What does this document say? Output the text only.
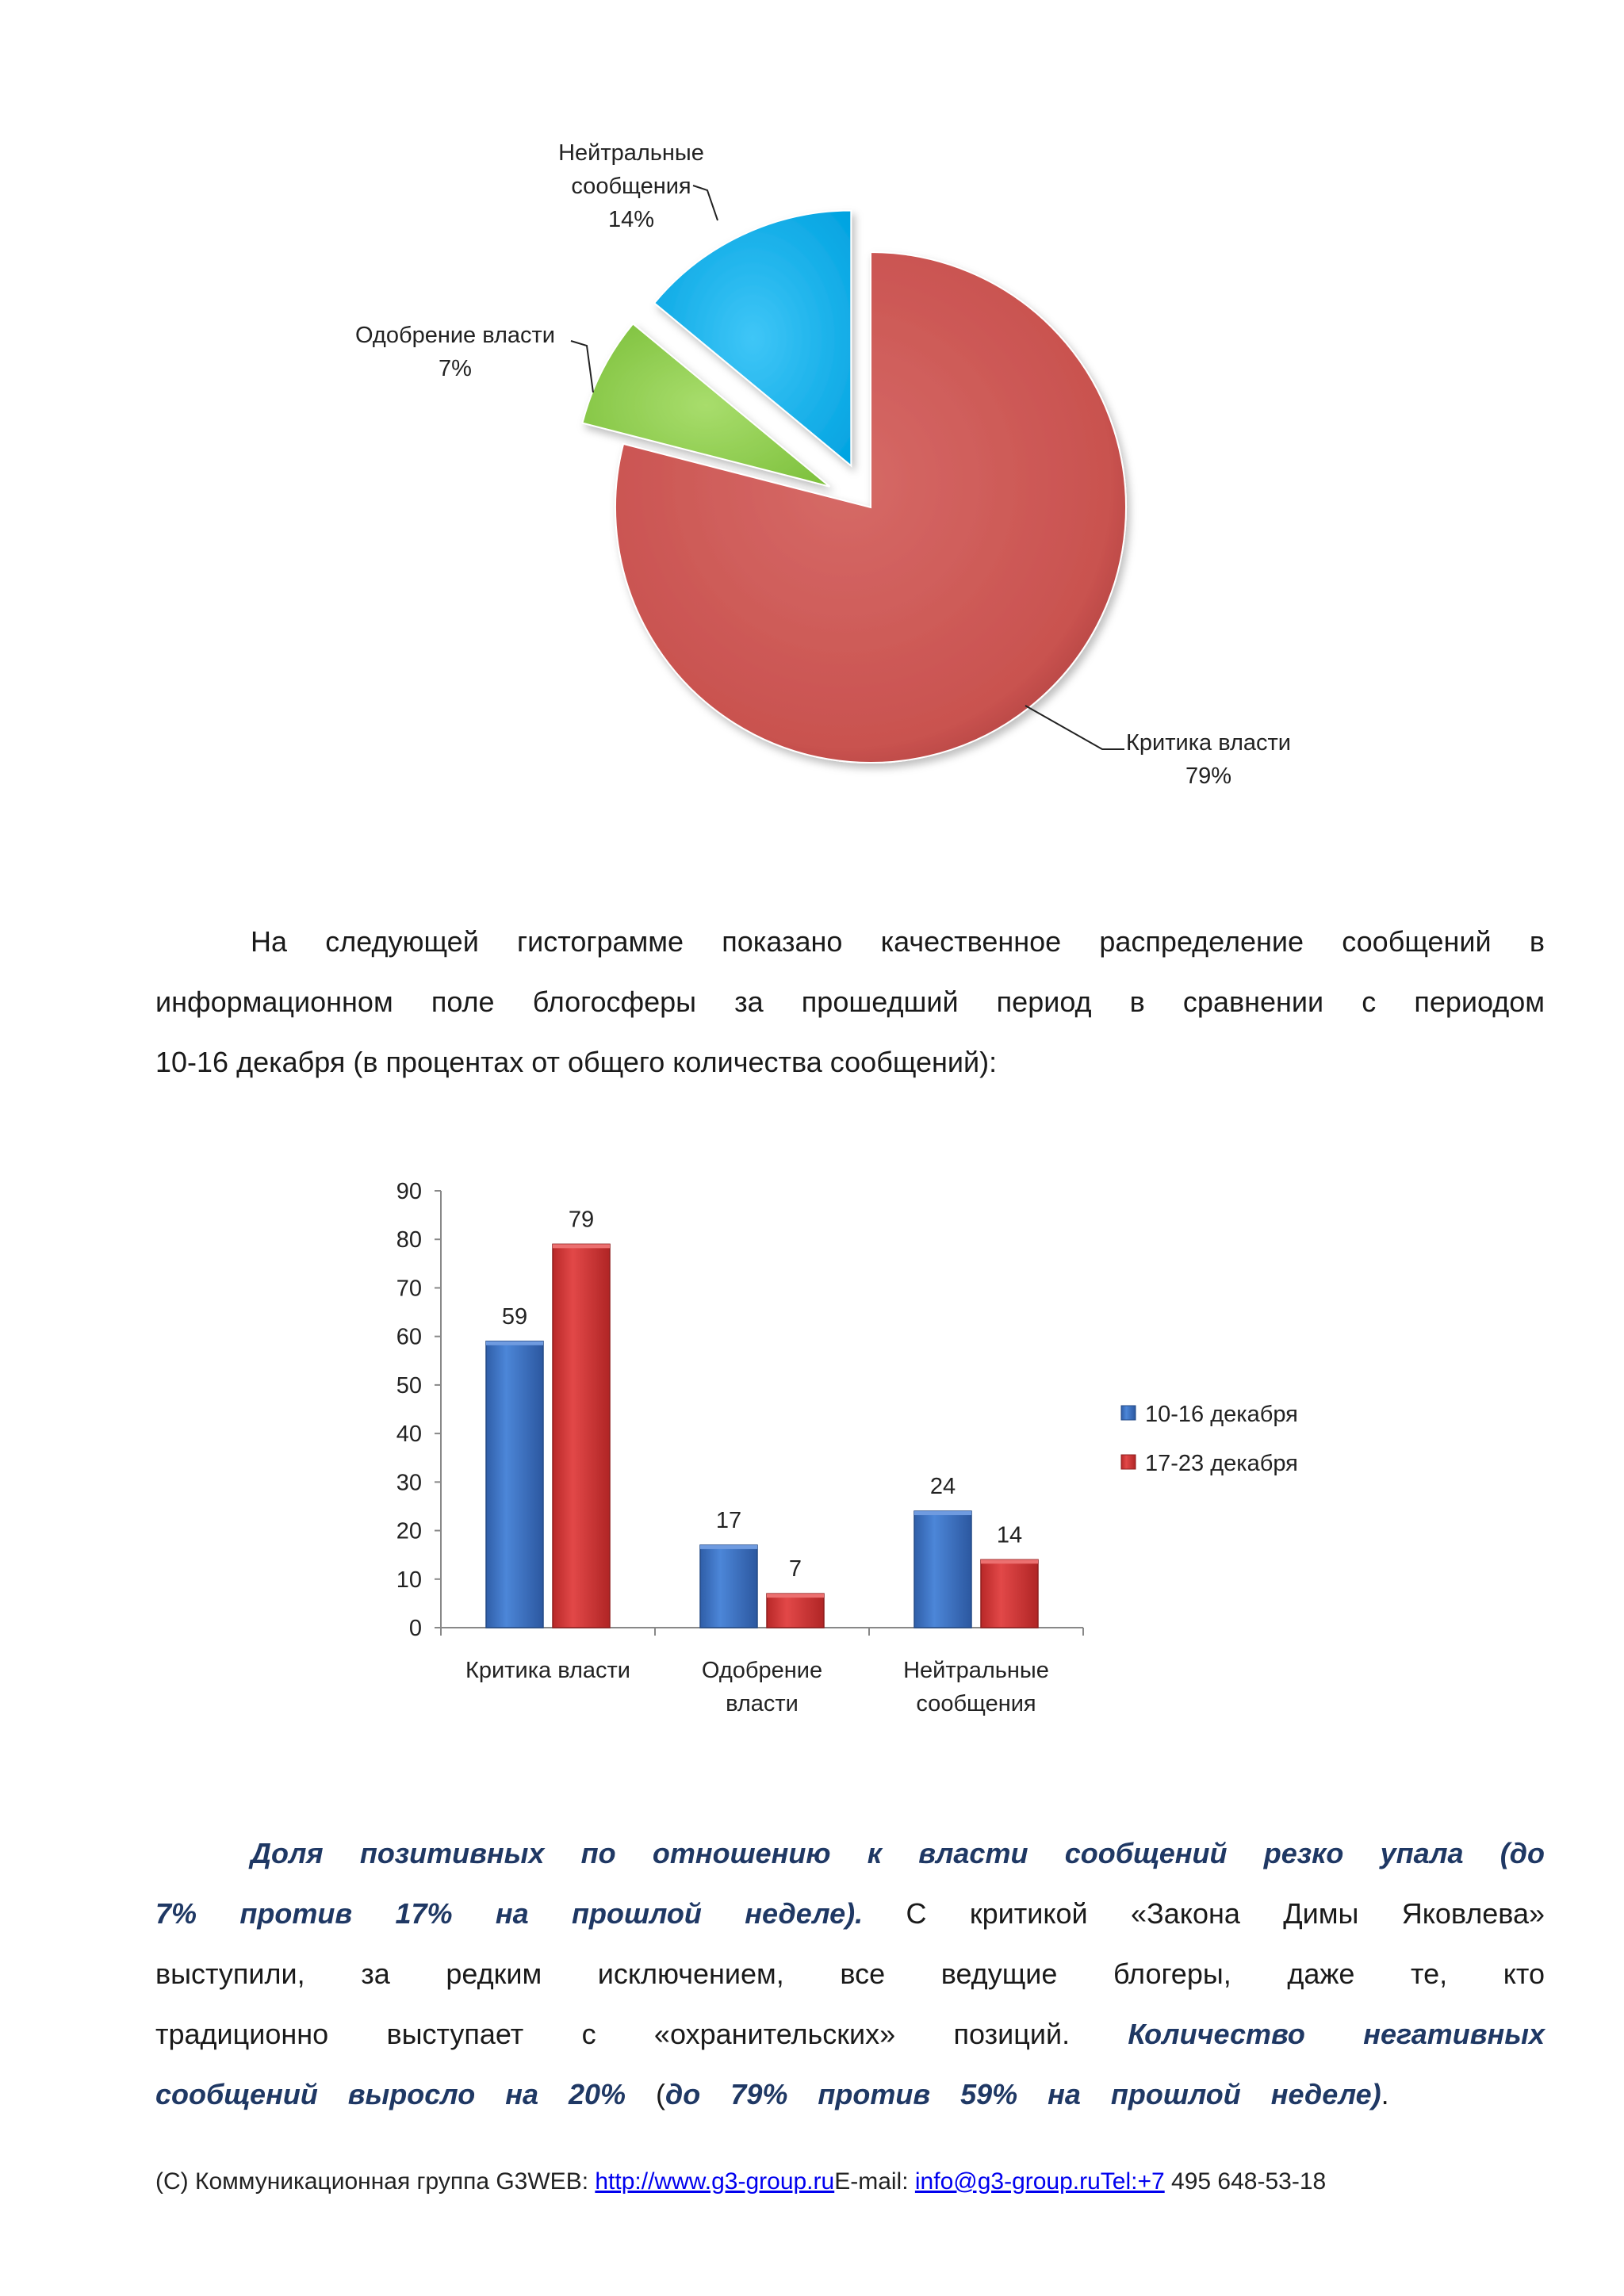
Критика власти
79%
Одобрение власти
7%
Нейтральные
сообщения
14%
На следующей гистограмме показано качественное распределение сообщений в
информационном поле блогосферы за прошедший период в сравнении с периодом
10-16 декабря (в процентах от общего количества сообщений):
0
10
20
30
40
50
60
70
80
90
Критика власти	Одобрение
власти
Нейтральные
сообщения
59
17
24
79
7
14
10-16 декабря
17-23 декабря
Доля позитивных по отношению к власти сообщений резко упала (до
7% против 17% на прошлой неделе). С критикой «Закона Димы Яковлева»
выступили, за редким исключением, все ведущие блогеры, даже те, кто
традиционно выступает с «охранительских» позиций. Количество негативных
сообщений выросло на 20% (до 79% против 59% на прошлой неделе).
(С) Коммуникационная группа G3WEB: http://www.g3-group.ruE-mail: info@g3-group.ruTel:+7 495 648-53-18
